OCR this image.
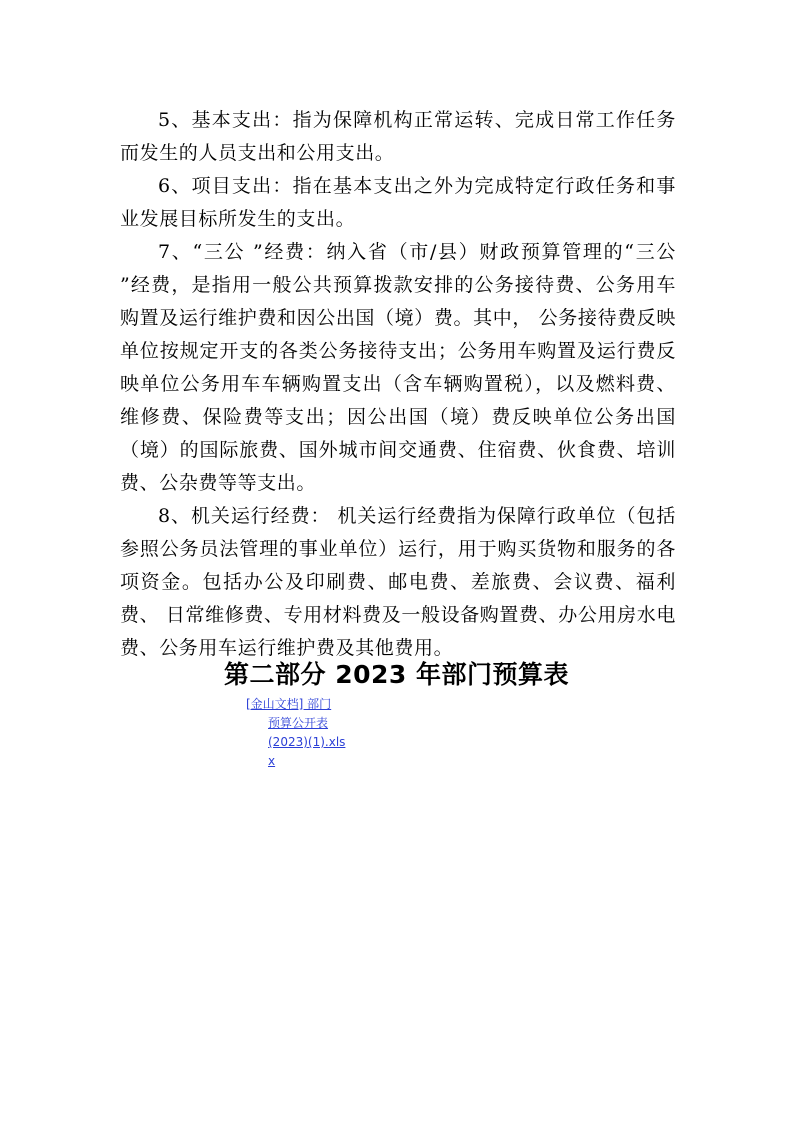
5、基本支出：指为保障机构正常运转、完成日常工作任务而发生的人员支出和公用支出。

6、项目支出：指在基本支出之外为完成特定行政任务和事业发展目标所发生的支出。

7、“三公 ”经费：纳入省（市/县）财政预算管理的“三公 ”经费，是指用一般公共预算拨款安排的公务接待费、公务用车购置及运行维护费和因公出国（境）费。其中， 公务接待费反映单位按规定开支的各类公务接待支出；公务用车购置及运行费反映单位公务用车车辆购置支出（含车辆购置税），以及燃料费、维修费、保险费等支出；因公出国（境）费反映单位公务出国（境）的国际旅费、国外城市间交通费、住宿费、伙食费、培训费、公杂费等等支出。

8、机关运行经费： 机关运行经费指为保障行政单位（包括参照公务员法管理的事业单位）运行，用于购买货物和服务的各项资金。包括办公及印刷费、邮电费、差旅费、会议费、福利费、 日常维修费、专用材料费及一般设备购置费、办公用房水电费、公务用车运行维护费及其他费用。

第二部分 2023 年部门预算表
[金山文档] 部门
预算公开表
(2023)(1).xls
x
